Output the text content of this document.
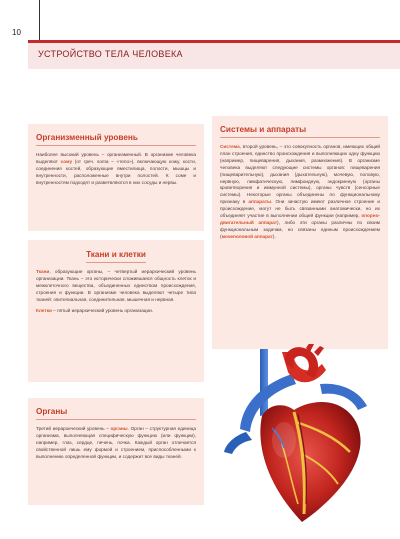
10
УСТРОЙСТВО ТЕЛА ЧЕЛОВЕКА
Организменный уровень

Наиболее высокий уровень – организменный. В организме человека выделяют сому (от греч. soma – «тело»), включающую кожу, кости, соединения костей, образующие вместилища, полости, мышцы и внутренности, расположенные внутри полостей. К соме и внутренностям подходят и разветвляются в них сосуды и нервы.

Ткани и клетки

Ткани, образующие органы, – четвертый иерархический уровень организации. Ткань – это исторически сложившаяся общность клеток и межклеточного вещества, объединенных единством происхождения, строения и функции. В организме человека выделяют четыре типа тканей: эпителиальная, соединительная, мышечная и нервная.

Клетки – пятый иерархический уровень организации.

Системы и аппараты

Система, второй уровень, – это совокупность органов, имеющих общий план строения, единство происхождения и выполняющих одну функцию (например, пищеварения, дыхания, размножения). В организме человека выделяют следующие системы органов: пищеварения (пищеварительную), дыхания (дыхательную), мочевую, половую, нервную, лимфатическую, лимфоидную, эндокринную (органы кроветворения и иммунной системы), органы чувств (сенсорные системы). Некоторые органы объединены по функциональному признаку в аппараты. Они зачастую имеют различное строение и происхождение, могут не быть связанными анатомически, но их объединяет участие в выполнении общей функции (например, опорно-двигательный аппарат), либо эти органы различны по своим функциональным задачам, но связаны единым происхождением (мочеполовой аппарат).

Органы

Третий иерархический уровень – органы. Орган – структурная единица организма, выполняющая специфическую функцию (или функции), например, глаз, сердце, печень, почка. Каждый орган отличается свойственной лишь ему формой и строением, приспособленными к выполнению определенной функции, и содержит все виды тканей.
